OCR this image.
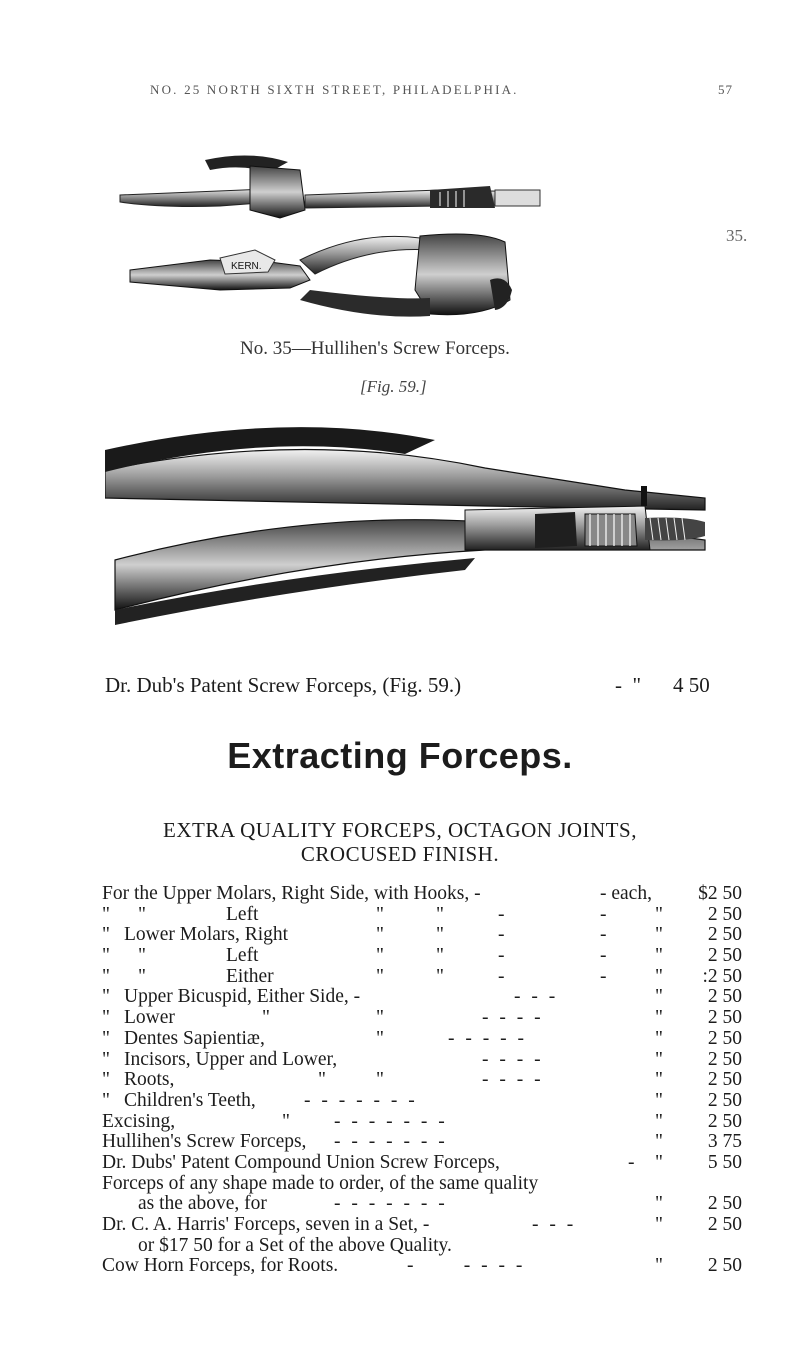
NO. 25 NORTH SIXTH STREET, PHILADELPHIA.	57
KERN.
35.
No. 35—Hullihen's Screw Forceps.
[Fig. 59.]
Dr. Dub's Patent Screw Forceps, (Fig. 59.)	- " 4 50
Extracting Forceps.
EXTRA QUALITY FORCEPS, OCTAGON JOINTS,
CROCUSED FINISH.
For the Upper Molars, Right Side, with Hooks, -	- each,	$2 50
" "	Left	"	"	-	-	"	2 50
" Lower Molars, Right	"	"	-	-	"	2 50
" "	Left	"	"	-	-	"	2 50
" "	Either	"	"	-	-	"	:2 50
" Upper Bicuspid, Either Side, -	- - -	"	2 50
" Lower	"	"	- - - -	"	2 50
" Dentes Sapientiæ,	"	- - - - -	"	2 50
" Incisors, Upper and Lower,	- - - -	"	2 50
" Roots,	"	"	- - - -	"	2 50
" Children's Teeth, - - - - - - -	"	2 50
Excising,	" - - - - - - -	"	2 50
Hullihen's Screw Forceps, - - - - - - -	"	3 75
Dr. Dubs' Patent Compound Union Screw Forceps,	- "	5 50
Forceps of any shape made to order, of the same quality
as the above, for	- - - - - - -	"	2 50
Dr. C. A. Harris' Forceps, seven in a Set, -	- - -	"	2 50
or $17 50 for a Set of the above Quality.
Cow Horn Forceps, for Roots.	-      - - - -	"	2 50
